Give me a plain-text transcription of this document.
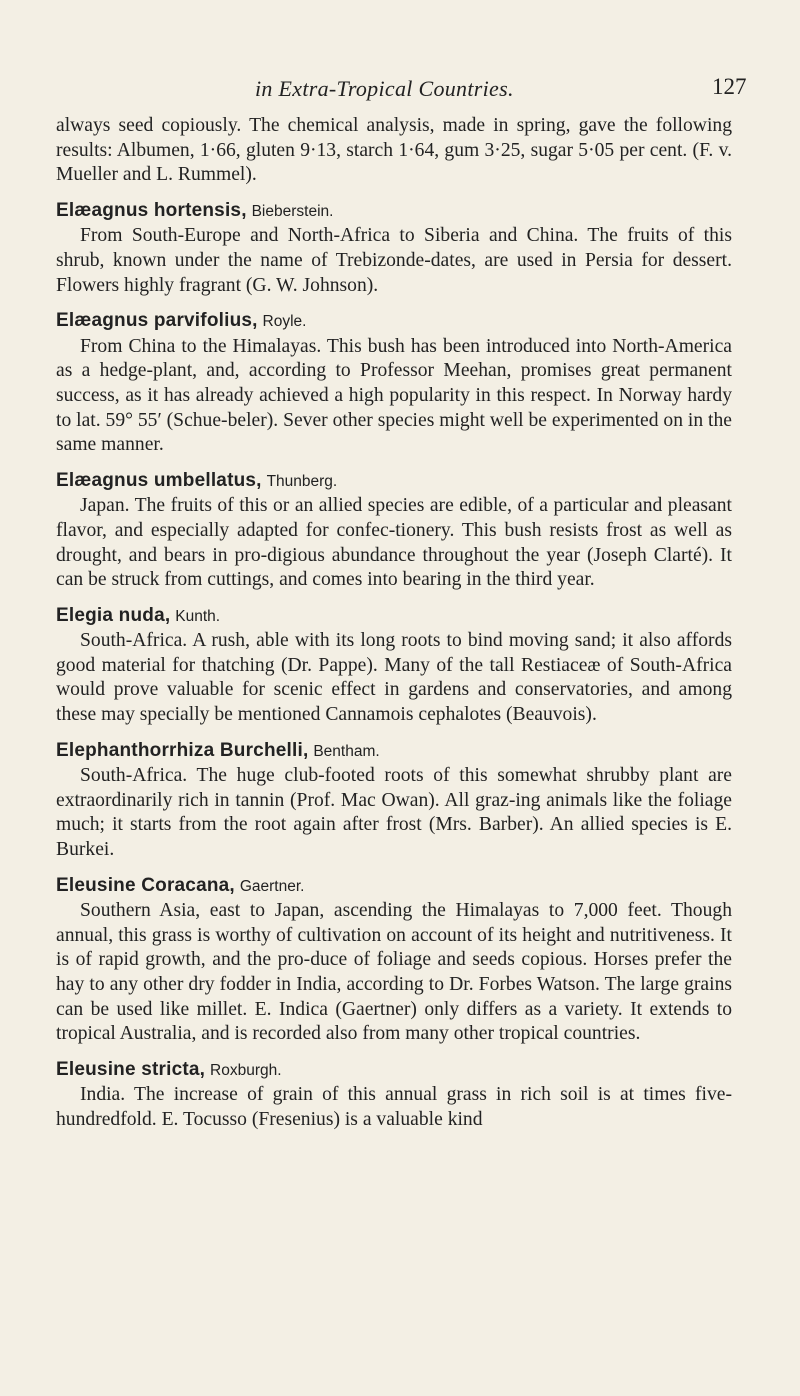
in Extra-Tropical Countries.	127

always seed copiously. The chemical analysis, made in spring, gave the following results: Albumen, 1·66, gluten 9·13, starch 1·64, gum 3·25, sugar 5·05 per cent. (F. v. Mueller and L. Rummel).

Elæagnus hortensis, Bieberstein.

From South-Europe and North-Africa to Siberia and China. The fruits of this shrub, known under the name of Trebizonde-dates, are used in Persia for dessert. Flowers highly fragrant (G. W. Johnson).

Elæagnus parvifolius, Royle.

From China to the Himalayas. This bush has been introduced into North-America as a hedge-plant, and, according to Professor Meehan, promises great permanent success, as it has already achieved a high popularity in this respect. In Norway hardy to lat. 59° 55′ (Schue-beler). Sever other species might well be experimented on in the same manner.

Elæagnus umbellatus, Thunberg.

Japan. The fruits of this or an allied species are edible, of a particular and pleasant flavor, and especially adapted for confec-tionery. This bush resists frost as well as drought, and bears in pro-digious abundance throughout the year (Joseph Clarté). It can be struck from cuttings, and comes into bearing in the third year.

Elegia nuda, Kunth.

South-Africa. A rush, able with its long roots to bind moving sand; it also affords good material for thatching (Dr. Pappe). Many of the tall Restiaceæ of South-Africa would prove valuable for scenic effect in gardens and conservatories, and among these may specially be mentioned Cannamois cephalotes (Beauvois).

Elephanthorrhiza Burchelli, Bentham.

South-Africa. The huge club-footed roots of this somewhat shrubby plant are extraordinarily rich in tannin (Prof. Mac Owan). All graz-ing animals like the foliage much; it starts from the root again after frost (Mrs. Barber). An allied species is E. Burkei.

Eleusine Coracana, Gaertner.

Southern Asia, east to Japan, ascending the Himalayas to 7,000 feet. Though annual, this grass is worthy of cultivation on account of its height and nutritiveness. It is of rapid growth, and the pro-duce of foliage and seeds copious. Horses prefer the hay to any other dry fodder in India, according to Dr. Forbes Watson. The large grains can be used like millet. E. Indica (Gaertner) only differs as a variety. It extends to tropical Australia, and is recorded also from many other tropical countries.

Eleusine stricta, Roxburgh.

India. The increase of grain of this annual grass in rich soil is at times five-hundredfold. E. Tocusso (Fresenius) is a valuable kind
